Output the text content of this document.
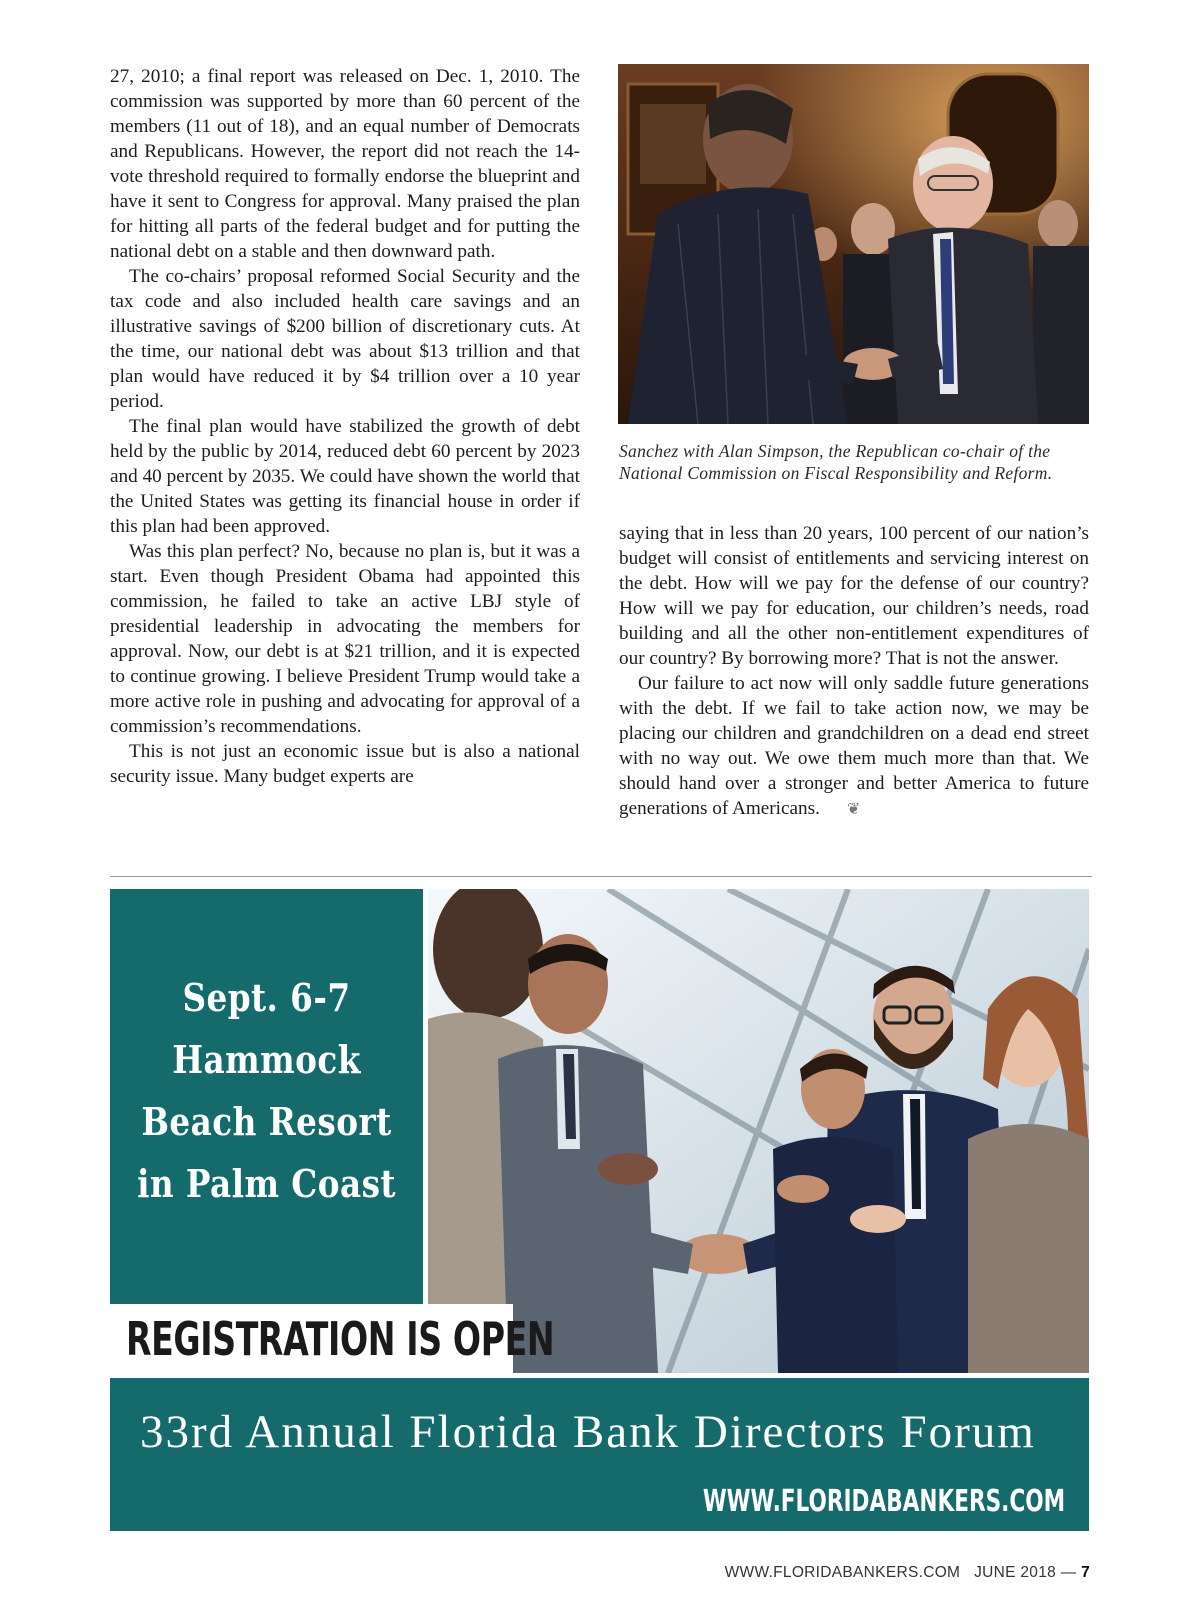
27, 2010; a final report was released on Dec. 1, 2010. The commission was supported by more than 60 percent of the members (11 out of 18), and an equal number of Democrats and Republicans. However, the report did not reach the 14-vote threshold required to formally endorse the blueprint and have it sent to Congress for approval. Many praised the plan for hitting all parts of the federal budget and for putting the national debt on a stable and then downward path.

The co-chairs’ proposal reformed Social Security and the tax code and also included health care savings and an illustrative savings of $200 billion of discretionary cuts. At the time, our national debt was about $13 trillion and that plan would have reduced it by $4 trillion over a 10 year period.

The final plan would have stabilized the growth of debt held by the public by 2014, reduced debt 60 percent by 2023 and 40 percent by 2035. We could have shown the world that the United States was getting its financial house in order if this plan had been approved.

Was this plan perfect? No, because no plan is, but it was a start. Even though President Obama had appointed this commission, he failed to take an active LBJ style of presidential leadership in advocating the members for approval. Now, our debt is at $21 trillion, and it is expected to continue growing. I believe President Trump would take a more active role in pushing and advocating for approval of a commission’s recommendations.

This is not just an economic issue but is also a national security issue. Many budget experts are

Sanchez with Alan Simpson, the Republican co-chair of the National Commission on Fiscal Responsibility and Reform.

saying that in less than 20 years, 100 percent of our nation’s budget will consist of entitlements and servicing interest on the debt. How will we pay for the defense of our country? How will we pay for education, our children’s needs, road building and all the other non-entitlement expenditures of our country? By borrowing more? That is not the answer.

Our failure to act now will only saddle future generations with the debt. If we fail to take action now, we may be placing our children and grandchildren on a dead end street with no way out. We owe them much more than that. We should hand over a stronger and better America to future generations of Americans. ❦

Sept. 6-7
Hammock
Beach Resort
in Palm Coast
REGISTRATION IS OPEN
33rd Annual Florida Bank Directors Forum
WWW.FLORIDABANKERS.COM
WWW.FLORIDABANKERS.COM JUNE 2018 — 7
